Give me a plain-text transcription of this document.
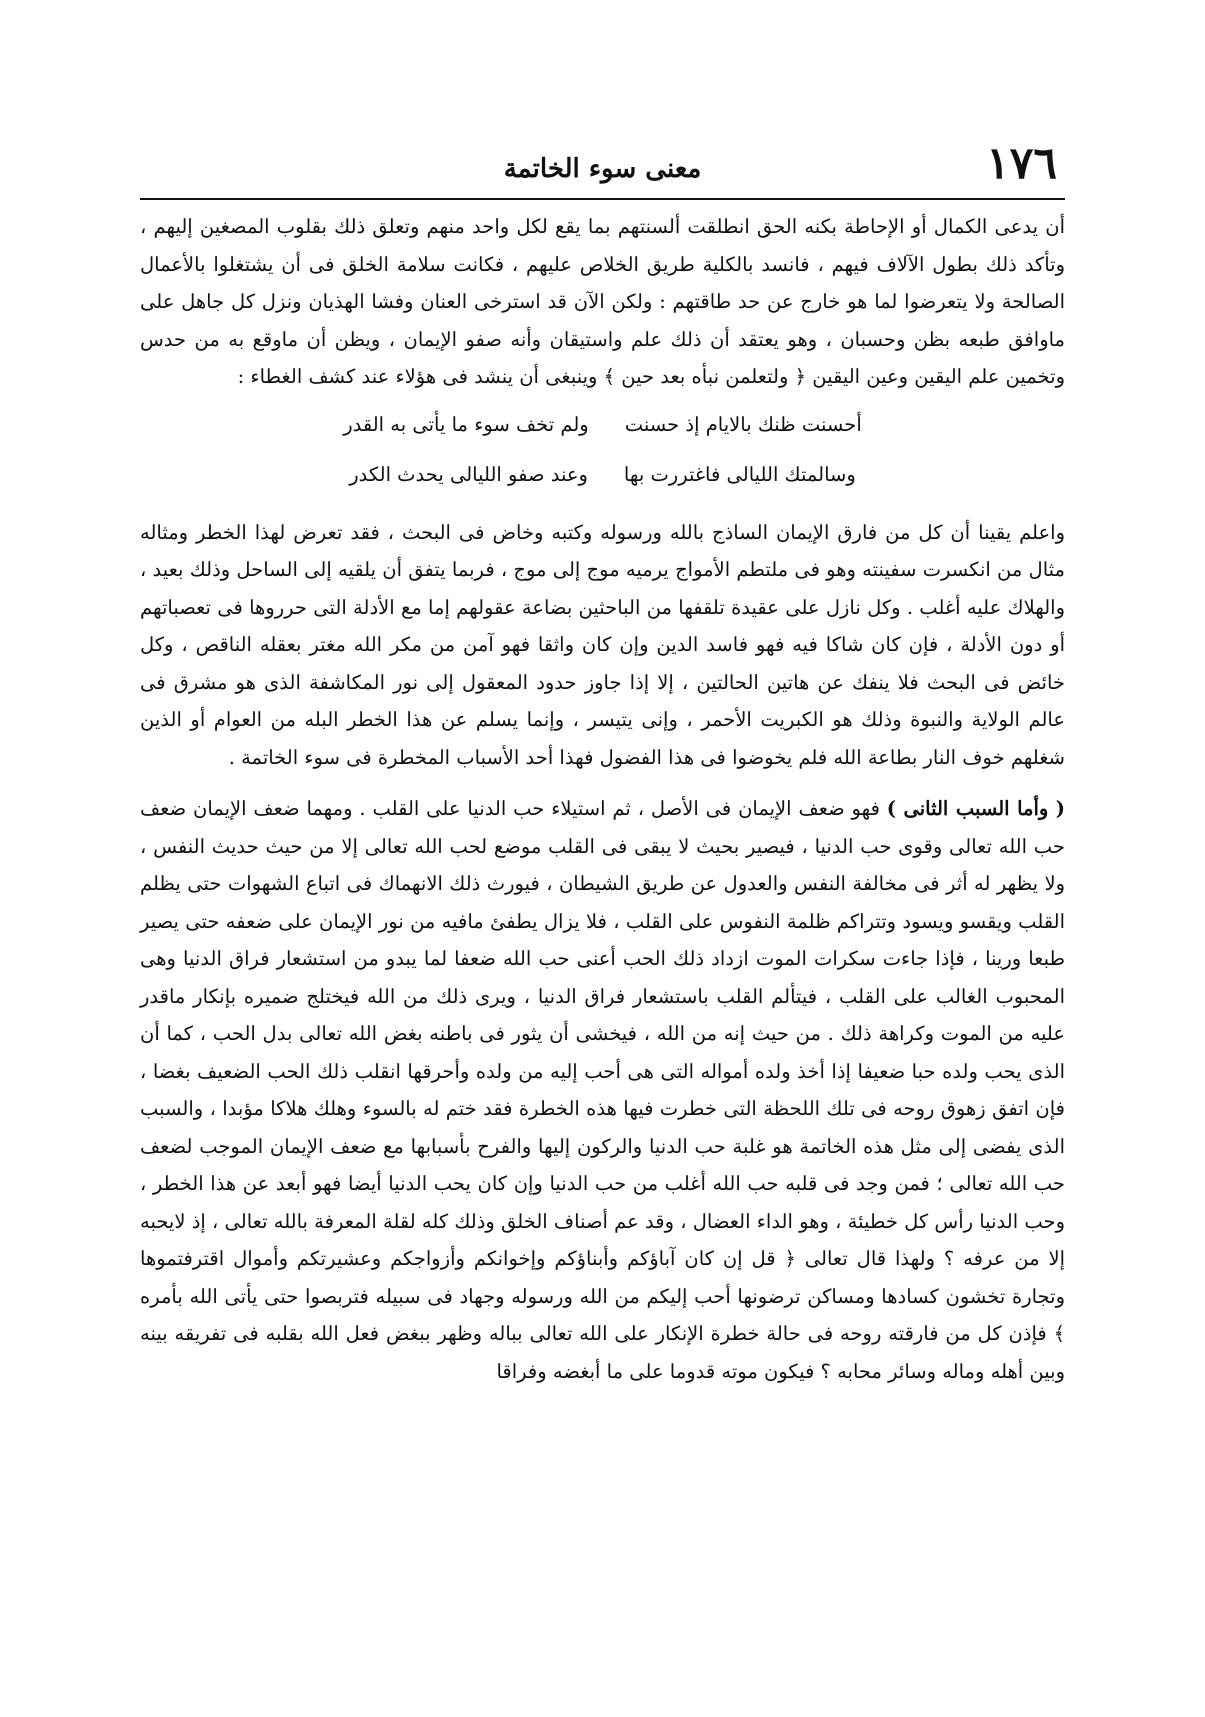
١٧٦
معنى سوء الخاتمة

أن يدعى الكمال أو الإحاطة بكنه الحق انطلقت ألسنتهم بما يقع لكل واحد منهم وتعلق ذلك بقلوب المصغين إليهم ، وتأكد ذلك بطول الآلاف فيهم ، فانسد بالكلية طريق الخلاص عليهم ، فكانت سلامة الخلق فى أن يشتغلوا بالأعمال الصالحة ولا يتعرضوا لما هو خارج عن حد طاقتهم : ولكن الآن قد استرخى العنان وفشا الهذيان ونزل كل جاهل على ماوافق طبعه بظن وحسبان ، وهو يعتقد أن ذلك علم واستيقان وأنه صفو الإيمان ، ويظن أن ماوقع به من حدس وتخمين علم اليقين وعين اليقين ﴿ ولتعلمن نبأه بعد حين ﴾ وينبغى أن ينشد فى هؤلاء عند كشف الغطاء :

أحسنت ظنك بالايام إذ حسنت
ولم تخف سوء ما يأتى به القدر
وسالمتك الليالى فاغتررت بها
وعند صفو الليالى يحدث الكدر

واعلم يقينا أن كل من فارق الإيمان الساذج بالله ورسوله وكتبه وخاض فى البحث ، فقد تعرض لهذا الخطر ومثاله مثال من انكسرت سفينته وهو فى ملتطم الأمواج يرميه موج إلى موج ، فربما يتفق أن يلقيه إلى الساحل وذلك بعيد ، والهلاك عليه أغلب . وكل نازل على عقيدة تلقفها من الباحثين بضاعة عقولهم إما مع الأدلة التى حرروها فى تعصباتهم أو دون الأدلة ، فإن كان شاكا فيه فهو فاسد الدين وإن كان واثقا فهو آمن من مكر الله مغتر بعقله الناقص ، وكل خائض فى البحث فلا ينفك عن هاتين الحالتين ، إلا إذا جاوز حدود المعقول إلى نور المكاشفة الذى هو مشرق فى عالم الولاية والنبوة وذلك هو الكبريت الأحمر ، وإنى يتيسر ، وإنما يسلم عن هذا الخطر البله من العوام أو الذين شغلهم خوف النار بطاعة الله فلم يخوضوا فى هذا الفضول فهذا أحد الأسباب المخطرة فى سوء الخاتمة .

( وأما السبب الثانى ) فهو ضعف الإيمان فى الأصل ، ثم استيلاء حب الدنيا على القلب . ومهما ضعف الإيمان ضعف حب الله تعالى وقوى حب الدنيا ، فيصير بحيث لا يبقى فى القلب موضع لحب الله تعالى إلا من حيث حديث النفس ، ولا يظهر له أثر فى مخالفة النفس والعدول عن طريق الشيطان ، فيورث ذلك الانهماك فى اتباع الشهوات حتى يظلم القلب ويقسو ويسود وتتراكم ظلمة النفوس على القلب ، فلا يزال يطفئ مافيه من نور الإيمان على ضعفه حتى يصير طبعا ورينا ، فإذا جاءت سكرات الموت ازداد ذلك الحب أعنى حب الله ضعفا لما يبدو من استشعار فراق الدنيا وهى المحبوب الغالب على القلب ، فيتألم القلب باستشعار فراق الدنيا ، ويرى ذلك من الله فيختلج ضميره بإنكار ماقدر عليه من الموت وكراهة ذلك . من حيث إنه من الله ، فيخشى أن يثور فى باطنه بغض الله تعالى بدل الحب ، كما أن الذى يحب ولده حبا ضعيفا إذا أخذ ولده أمواله التى هى أحب إليه من ولده وأحرقها انقلب ذلك الحب الضعيف بغضا ، فإن اتفق زهوق روحه فى تلك اللحظة التى خطرت فيها هذه الخطرة فقد ختم له بالسوء وهلك هلاكا مؤبدا ، والسبب الذى يفضى إلى مثل هذه الخاتمة هو غلبة حب الدنيا والركون إليها والفرح بأسبابها مع ضعف الإيمان الموجب لضعف حب الله تعالى ؛ فمن وجد فى قلبه حب الله أغلب من حب الدنيا وإن كان يحب الدنيا أيضا فهو أبعد عن هذا الخطر ، وحب الدنيا رأس كل خطيئة ، وهو الداء العضال ، وقد عم أصناف الخلق وذلك كله لقلة المعرفة بالله تعالى ، إذ لايحبه إلا من عرفه ؟ ولهذا قال تعالى ﴿ قل إن كان آباؤكم وأبناؤكم وإخوانكم وأزواجكم وعشيرتكم وأموال اقترفتموها وتجارة تخشون كسادها ومساكن ترضونها أحب إليكم من الله ورسوله وجهاد فى سبيله فتربصوا حتى يأتى الله بأمره ﴾ فإذن كل من فارقته روحه فى حالة خطرة الإنكار على الله تعالى بباله وظهر ببغض فعل الله بقلبه فى تفريقه بينه وبين أهله وماله وسائر محابه ؟ فيكون موته قدوما على ما أبغضه وفراقا
